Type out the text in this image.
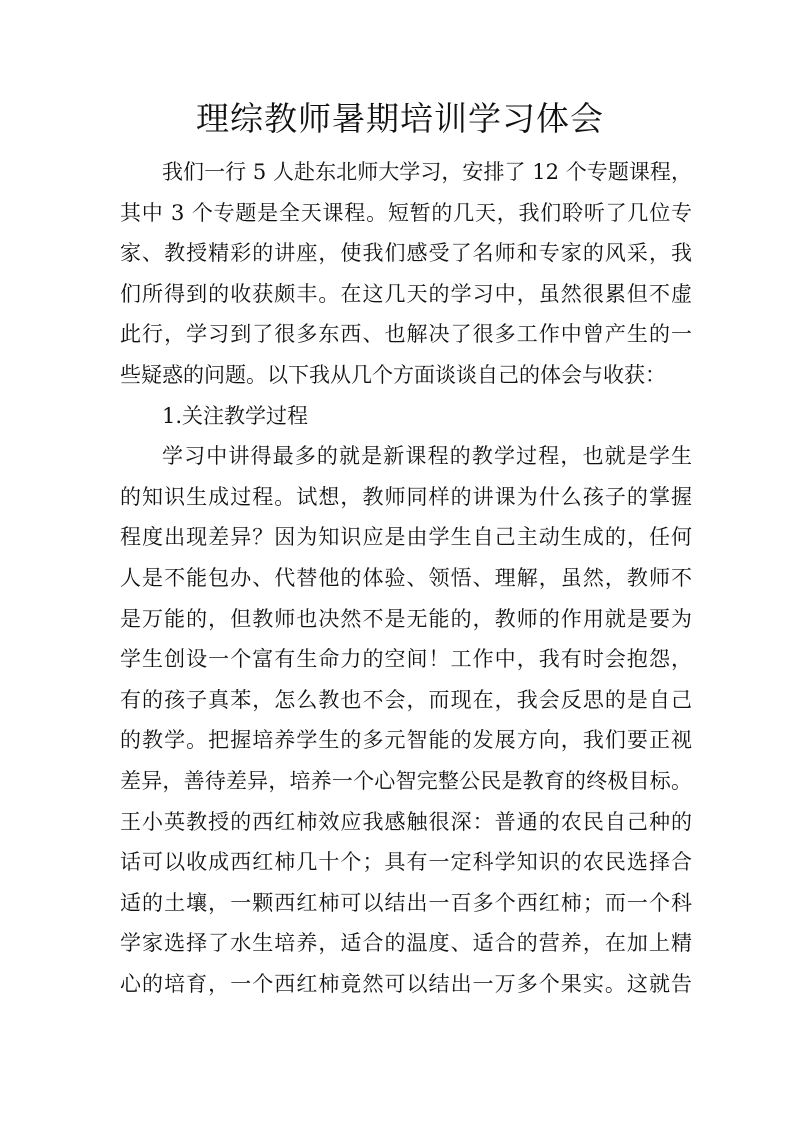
理综教师暑期培训学习体会
我们一行 5 人赴东北师大学习，安排了 12 个专题课程，
其中 3 个专题是全天课程。短暂的几天，我们聆听了几位专
家、教授精彩的讲座，使我们感受了名师和专家的风采，我
们所得到的收获颇丰。在这几天的学习中，虽然很累但不虚
此行，学习到了很多东西、也解决了很多工作中曾产生的一
些疑惑的问题。以下我从几个方面谈谈自己的体会与收获：
1.关注教学过程
学习中讲得最多的就是新课程的教学过程，也就是学生
的知识生成过程。试想，教师同样的讲课为什么孩子的掌握
程度出现差异？因为知识应是由学生自己主动生成的，任何
人是不能包办、代替他的体验、领悟、理解，虽然，教师不
是万能的，但教师也决然不是无能的，教师的作用就是要为
学生创设一个富有生命力的空间！工作中，我有时会抱怨，
有的孩子真苯，怎么教也不会，而现在，我会反思的是自己
的教学。把握培养学生的多元智能的发展方向，我们要正视
差异，善待差异，培养一个心智完整公民是教育的终极目标。
王小英教授的西红柿效应我感触很深：普通的农民自己种的
话可以收成西红柿几十个；具有一定科学知识的农民选择合
适的土壤，一颗西红柿可以结出一百多个西红柿；而一个科
学家选择了水生培养，适合的温度、适合的营养，在加上精
心的培育，一个西红柿竟然可以结出一万多个果实。这就告
